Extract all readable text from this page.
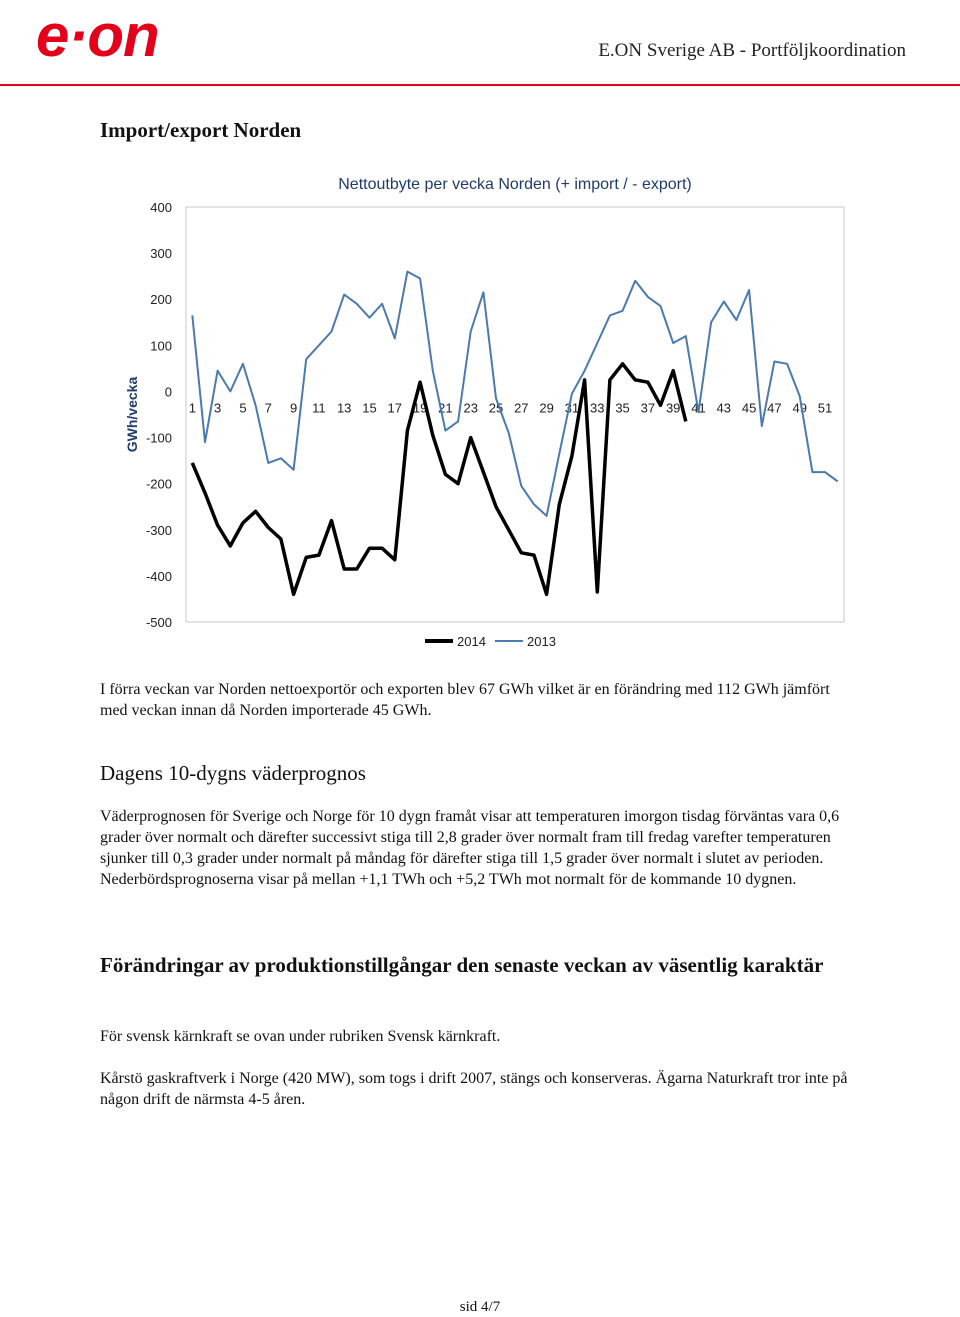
e·on	E.ON Sverige AB - Portföljkoordination
Import/export Norden
Nettoutbyte per vecka Norden (+ import / - export)
GWh/vecka
400
300
200
100
0
-100
-200
-300
-400
-500
1 3 5 7 9 11 13 15 17 19 21 23 25 27 29 31 33 35 37 39 41 43 45 47 49 51
2014	2013

I förra veckan var Norden nettoexportör och exporten blev 67 GWh vilket är en förändring med 112 GWh jämfört med veckan innan då Norden importerade 45 GWh.

Dagens 10-dygns väderprognos

Väderprognosen för Sverige och Norge för 10 dygn framåt visar att temperaturen imorgon tisdag förväntas vara 0,6 grader över normalt och därefter successivt stiga till 2,8 grader över normalt fram till fredag varefter temperaturen sjunker till 0,3 grader under normalt på måndag för därefter stiga till 1,5 grader över normalt i slutet av perioden. Nederbördsprognoserna visar på mellan +1,1 TWh och +5,2 TWh mot normalt för de kommande 10 dygnen.

Förändringar av produktionstillgångar den senaste veckan av väsentlig karaktär

För svensk kärnkraft se ovan under rubriken Svensk kärnkraft.

Kårstö gaskraftverk i Norge (420 MW), som togs i drift 2007, stängs och konserveras. Ägarna Naturkraft tror inte på någon drift de närmsta 4-5 åren.

sid 4/7
